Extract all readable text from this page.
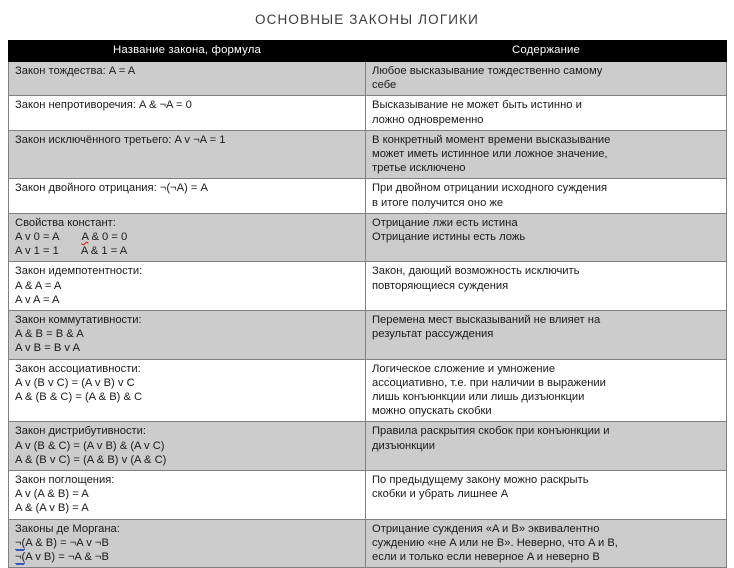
ОСНОВНЫЕ ЗАКОНЫ ЛОГИКИ
Название закона, формула	Содержание

Закон тождества: A = A	Любое высказывание тождественно самому
себе

Закон непротиворечия: A & ¬A = 0	Высказывание не может быть истинно и
ложно одновременно

Закон исключённого третьего: A v ¬A = 1	В конкретный момент времени высказывание
может иметь истинное или ложное значение,
третье исключено

Закон двойного отрицания: ¬(¬A) = A	При двойном отрицании исходного суждения
в итоге получится оно же

Свойства констант:
A v 0 = A A & 0 = 0
A v 1 = 1 A & 1 = A	Отрицание лжи есть истина
Отрицание истины есть ложь

Закон идемпотентности:
A & A = A
A v A = A	Закон, дающий возможность исключить
повторяющиеся суждения

Закон коммутативности:
A & B = B & A
A v B = B v A	Перемена мест высказываний не влияет на
результат рассуждения

Закон ассоциативности:
A v (B v C) = (A v B) v C
A & (B & C) = (A & B) & C	Логическое сложение и умножение
ассоциативно, т.е. при наличии в выражении
лишь конъюнкции или лишь дизъюнкции
можно опускать скобки

Закон дистрибутивности:
A v (B & C) = (A v B) & (A v C)
A & (B v C) = (A & B) v (A & C)	Правила раскрытия скобок при конъюнкции и
дизъюнкции

Закон поглощения:
A v (A & B) = A
A & (A v B) = A	По предыдущему закону можно раскрыть
скобки и убрать лишнее A

Законы де Моргана:
¬(A & B) = ¬A v ¬B
¬(A v B) = ¬A & ¬B	Отрицание суждения «A и B» эквивалентно
суждению «не A или не B». Неверно, что A и B,
если и только если неверное A и неверно B
